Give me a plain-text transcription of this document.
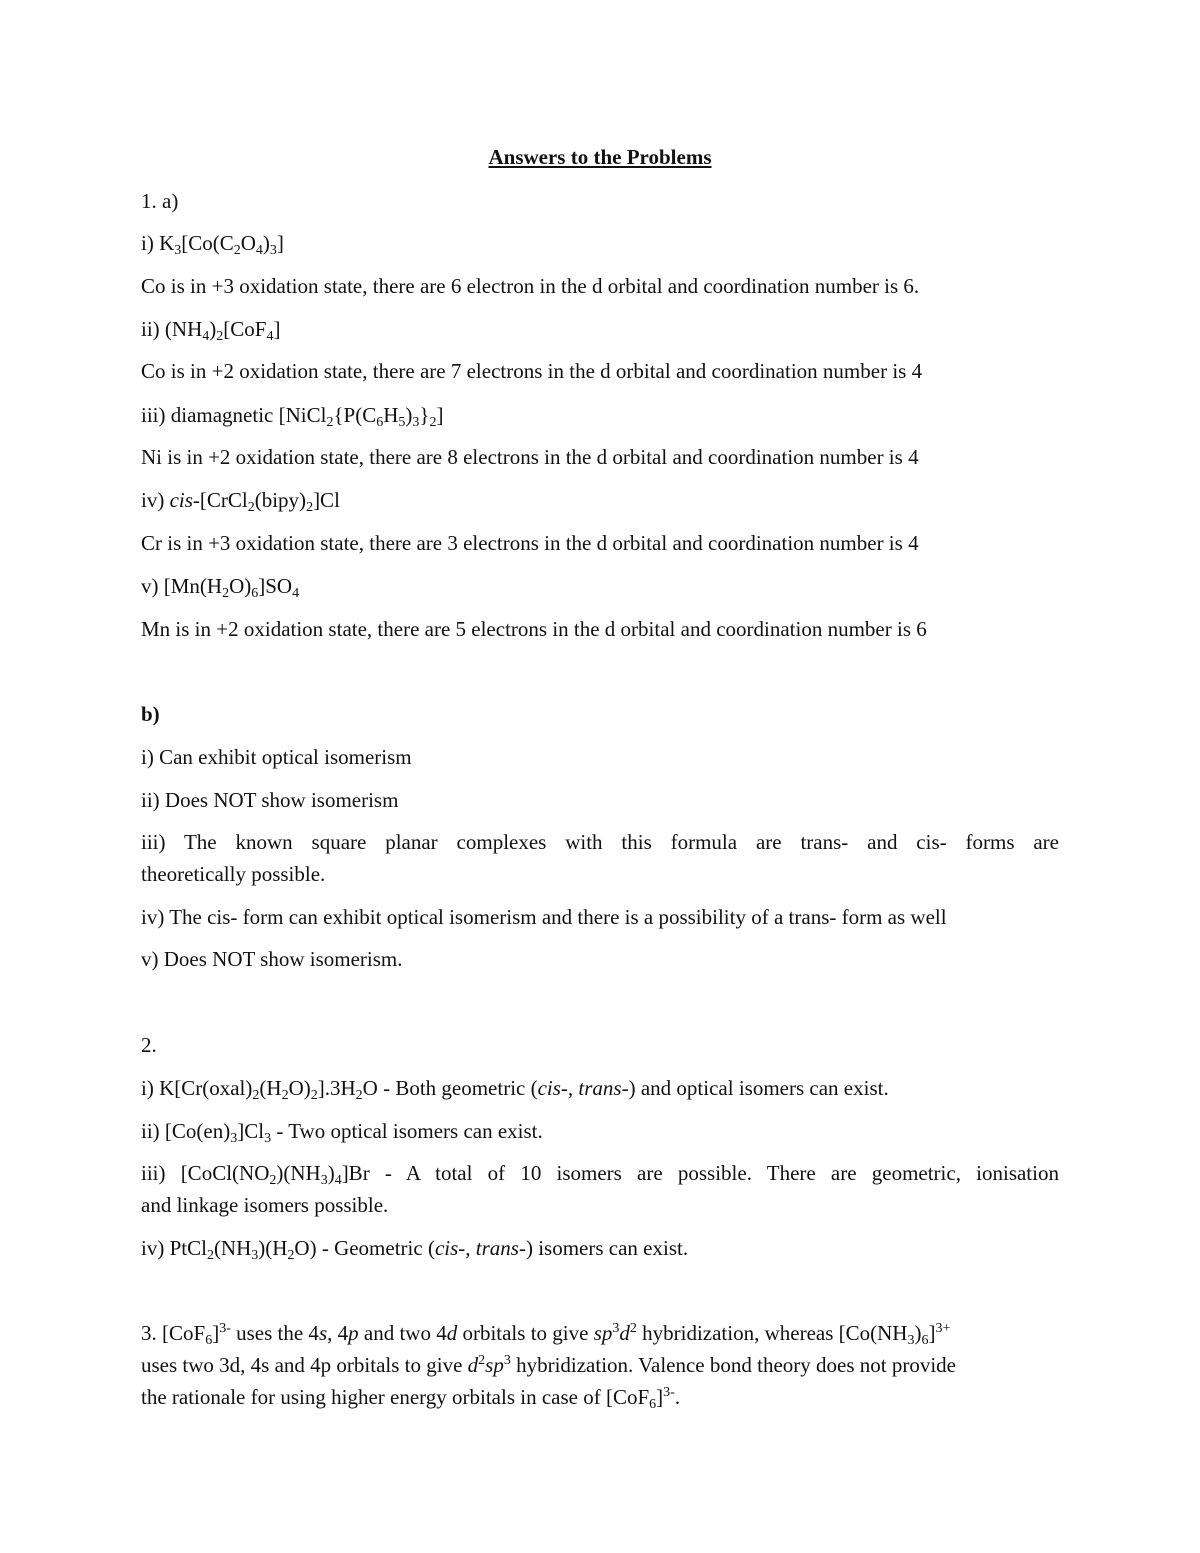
Answers to the Problems
1. a)
i) $K_3[Co(C_2O_4)_3]$
Co is in +3 oxidation state, there are 6 electron in the d orbital and coordination number is 6.
ii) $(NH_4)_2[CoF_4]$
Co is in +2 oxidation state, there are 7 electrons in the d orbital and coordination number is 4
iii) diamagnetic $[NiCl_2\{P(C_6H_5)_3\}_2]$
Ni is in +2 oxidation state, there are 8 electrons in the d orbital and coordination number is 4
iv) cis-$[CrCl_2(bipy)_2]Cl$
Cr is in +3 oxidation state, there are 3 electrons in the d orbital and coordination number is 4
v) $[Mn(H_2O)_6]SO_4$
Mn is in +2 oxidation state, there are 5 electrons in the d orbital and coordination number is 6
b)
i) Can exhibit optical isomerism
ii) Does NOT show isomerism
iii) The known square planar complexes with this formula are trans- and cis- forms are
theoretically possible.
iv) The cis- form can exhibit optical isomerism and there is a possibility of a trans- form as well
v) Does NOT show isomerism.
2.
i) $K[Cr(oxal)_2(H_2O)_2].3H_2O$ - Both geometric (cis-, trans-) and optical isomers can exist.
ii) $[Co(en)_3]Cl_3$ - Two optical isomers can exist.
iii) $[CoCl(NO_2)(NH_3)_4]Br$ - A total of 10 isomers are possible. There are geometric, ionisation
and linkage isomers possible.
iv) $PtCl_2(NH_3)(H_2O)$ - Geometric (cis-, trans-) isomers can exist.
3. $[CoF_6]^{3-}$ uses the 4s, 4p and two 4d orbitals to give $sp^3d^2$ hybridization, whereas $[Co(NH_3)_6]^{3+}$
uses two 3d, 4s and 4p orbitals to give $d^2sp^3$ hybridization. Valence bond theory does not provide
the rationale for using higher energy orbitals in case of $[CoF_6]^{3-}$.
